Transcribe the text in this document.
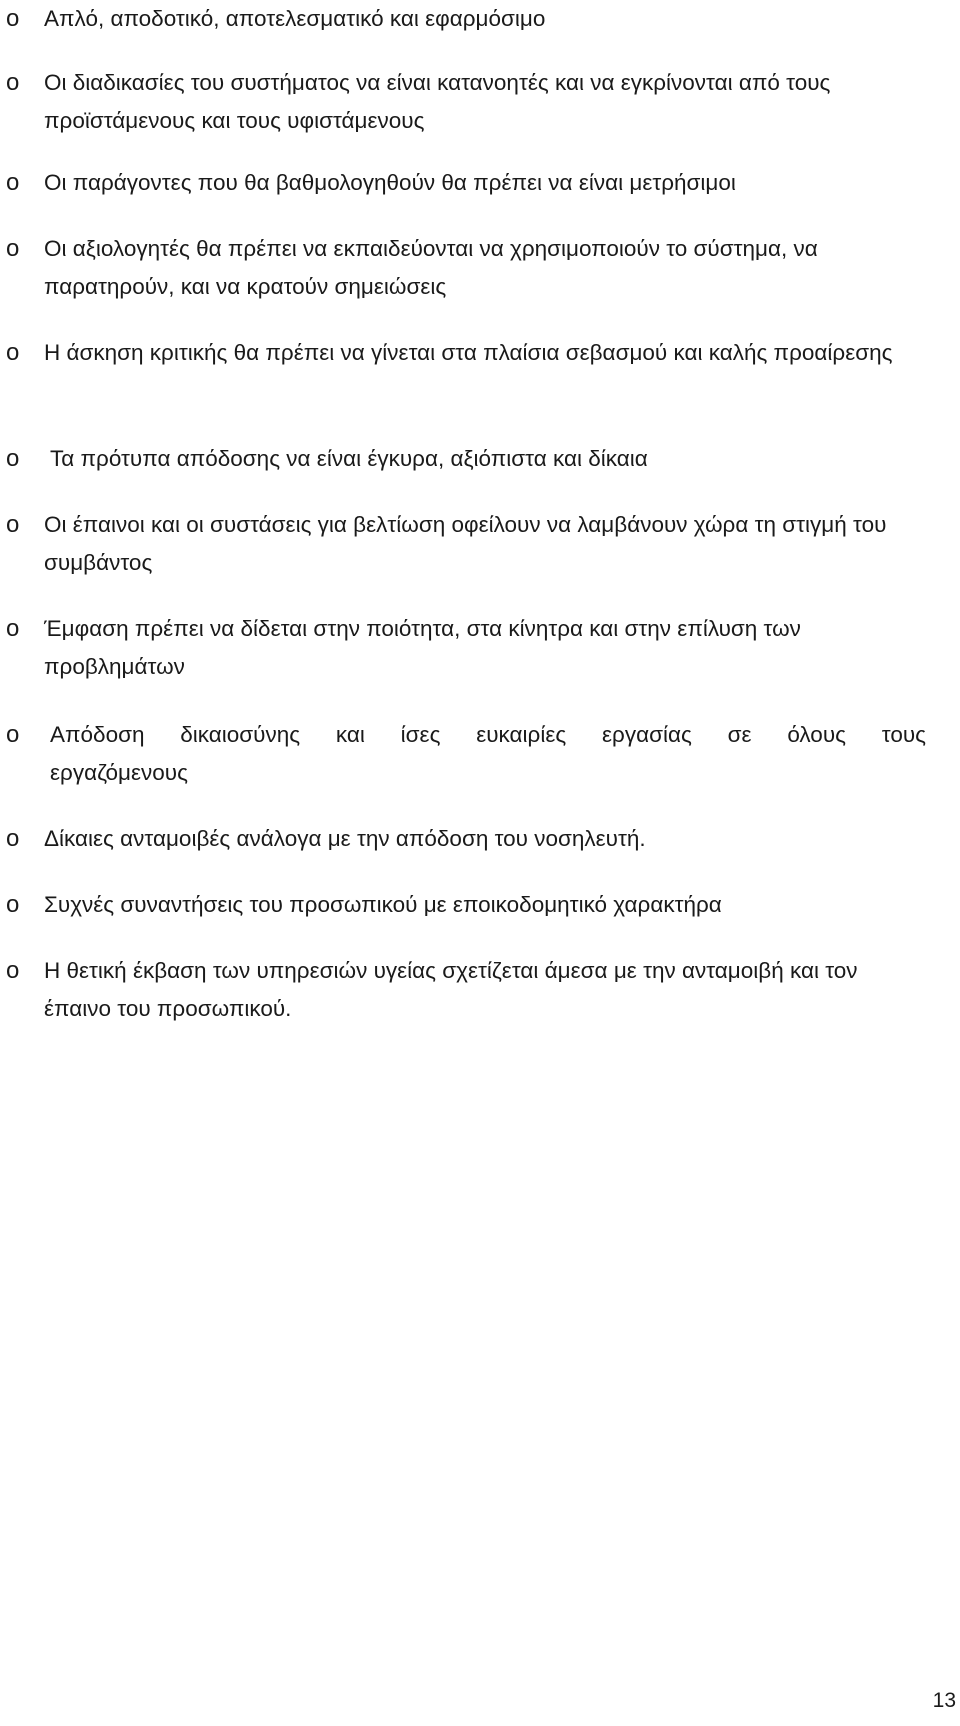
o Απλό, αποδοτικό, αποτελεσματικό και εφαρμόσιμο
o Οι διαδικασίες του συστήματος να είναι κατανοητές και να εγκρίνονται από τους προϊστάμενους και τους υφιστάμενους
o Οι παράγοντες που θα βαθμολογηθούν θα πρέπει να είναι μετρήσιμοι
o Οι αξιολογητές θα πρέπει να εκπαιδεύονται να χρησιμοποιούν το σύστημα, να παρατηρούν, και να κρατούν σημειώσεις
o Η άσκηση κριτικής θα πρέπει να γίνεται στα πλαίσια σεβασμού και καλής προαίρεσης
o Τα πρότυπα απόδοσης να είναι έγκυρα, αξιόπιστα και δίκαια
o Οι έπαινοι και οι συστάσεις για βελτίωση οφείλουν να λαμβάνουν χώρα τη στιγμή του συμβάντος
o Έμφαση πρέπει να δίδεται στην ποιότητα, στα κίνητρα και στην επίλυση των προβλημάτων
o Απόδοση δικαιοσύνης και ίσες ευκαιρίες εργασίας σε όλους τους εργαζόμενους
o Δίκαιες ανταμοιβές ανάλογα με την απόδοση του νοσηλευτή.
o Συχνές συναντήσεις του προσωπικού με εποικοδομητικό χαρακτήρα
o Η θετική έκβαση των υπηρεσιών υγείας σχετίζεται άμεσα με την ανταμοιβή και τον έπαινο του προσωπικού.
13
